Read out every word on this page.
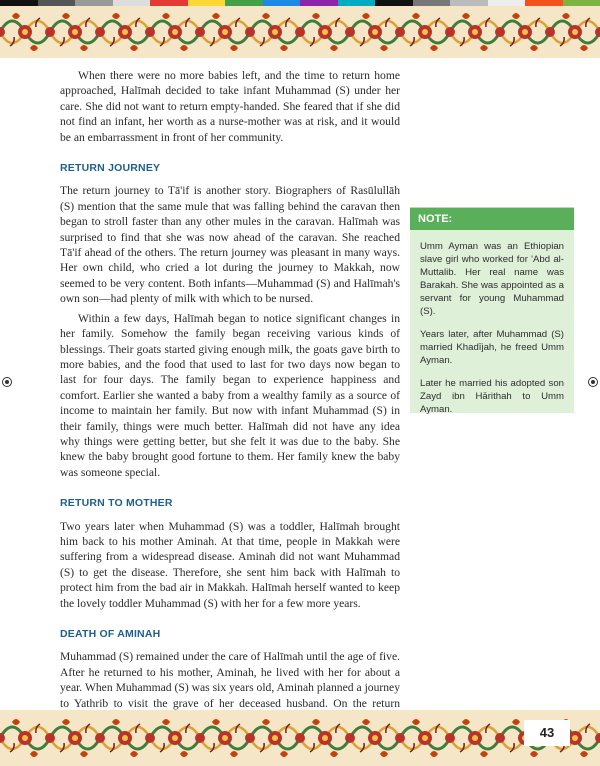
When there were no more babies left, and the time to return home approached, Halīmah decided to take infant Muhammad (S) under her care. She did not want to return empty-handed. She feared that if she did not find an infant, her worth as a nurse-mother was at risk, and it would be an embarrassment in front of her community.

RETURN JOURNEY

The return journey to Tā'if is another story. Biographers of Rasūlullāh (S) mention that the same mule that was falling behind the caravan then began to stroll faster than any other mules in the caravan. Halīmah was surprised to find that she was now ahead of the caravan. She reached Tā'if ahead of the others. The return journey was pleasant in many ways. Her own child, who cried a lot during the journey to Makkah, now seemed to be very content. Both infants—Muhammad (S) and Halīmah's own son—had plenty of milk with which to be nursed.

Within a few days, Halīmah began to notice significant changes in her family. Somehow the family began receiving various kinds of blessings. Their goats started giving enough milk, the goats gave birth to more babies, and the food that used to last for two days now began to last for four days. The family began to experience happiness and comfort. Earlier she wanted a baby from a wealthy family as a source of income to maintain her family. But now with infant Muhammad (S) in their family, things were much better. Halīmah did not have any idea why things were getting better, but she felt it was due to the baby. She knew the baby brought good fortune to them. Her family knew the baby was someone special.

RETURN TO MOTHER

Two years later when Muhammad (S) was a toddler, Halīmah brought him back to his mother Aminah. At that time, people in Makkah were suffering from a widespread disease. Aminah did not want Muhammad (S) to get the disease. Therefore, she sent him back with Halīmah to protect him from the bad air in Makkah. Halīmah herself wanted to keep the lovely toddler Muhammad (S) with her for a few more years.

DEATH OF AMINAH

Muhammad (S) remained under the care of Halīmah until the age of five. After he returned to his mother, Aminah, he lived with her for about a year. When Muhammad (S) was six years old, Aminah planned a journey to Yathrib to visit the grave of her deceased husband. On the return

NOTE:

Umm Ayman was an Ethiopian slave girl who worked for 'Abd al-Muttalib. Her real name was Barakah. She was appointed as a servant for young Muhammad (S).

Years later, after Muhammad (S) married Khadījah, he freed Umm Ayman.

Later he married his adopted son Zayd ibn Hārithah to Umm Ayman.

43
